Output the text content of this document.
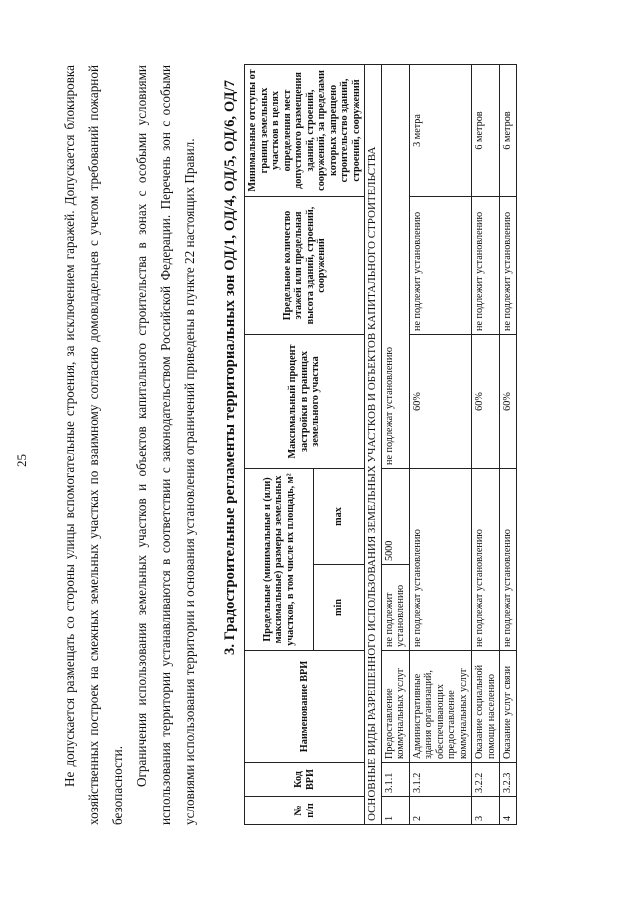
25	Не допускается размещать со стороны улицы вспомогательные строения, за исключением гаражей. Допускается блокировка хозяйственных построек на смежных земельных участках по взаимному согласию домовладельцев с учетом требований пожарной безопасности. Ограничения использования земельных участков и объектов капитального строительства в зонах с особыми условиями использования территории устанавливаются в соответствии с законодательством Российской Федерации. Перечень зон с особыми условиями использования территории и основания установления ограничений приведены в пункте 22 настоящих Правил.	3. Градостроительные регламенты территориальных зон ОД/1, ОД/4, ОД/5, ОД/6, ОД/7
№ п/п	Код ВРИ	Наименование ВРИ	Предельные (минимальные и (или) максимальные) размеры земельных участков, в том числе их площадь, м²		Максимальный процент застройки в границах земельного участка	Предельное количество этажей или предельная высота зданий, строений, сооружений	Минимальные отступы от границ земельных участков в целях определения мест допустимого размещения зданий, строений, сооружений, за пределами которых запрещено строительство зданий, строений, сооружений
			min	max			
ОСНОВНЫЕ ВИДЫ РАЗРЕШЕННОГО ИСПОЛЬЗОВАНИЯ ЗЕМЕЛЬНЫХ УЧАСТКОВ И ОБЪЕКТОВ КАПИТАЛЬНОГО СТРОИТЕЛЬСТВА							
1	3.1.1	Предоставление коммунальных услуг	не подлежит установлению	5000	не подлежат установлению		
2	3.1.2	Административные здания организаций, обеспечивающих предоставление коммунальных услуг	не подлежат установлению		60%	не подлежит установлению	3 метра
3	3.2.2	Оказание социальной помощи населению	не подлежат установлению		60%	не подлежит установлению	6 метров
4	3.2.3	Оказание услуг связи	не подлежат установлению		60%	не подлежит установлению	6 метров
